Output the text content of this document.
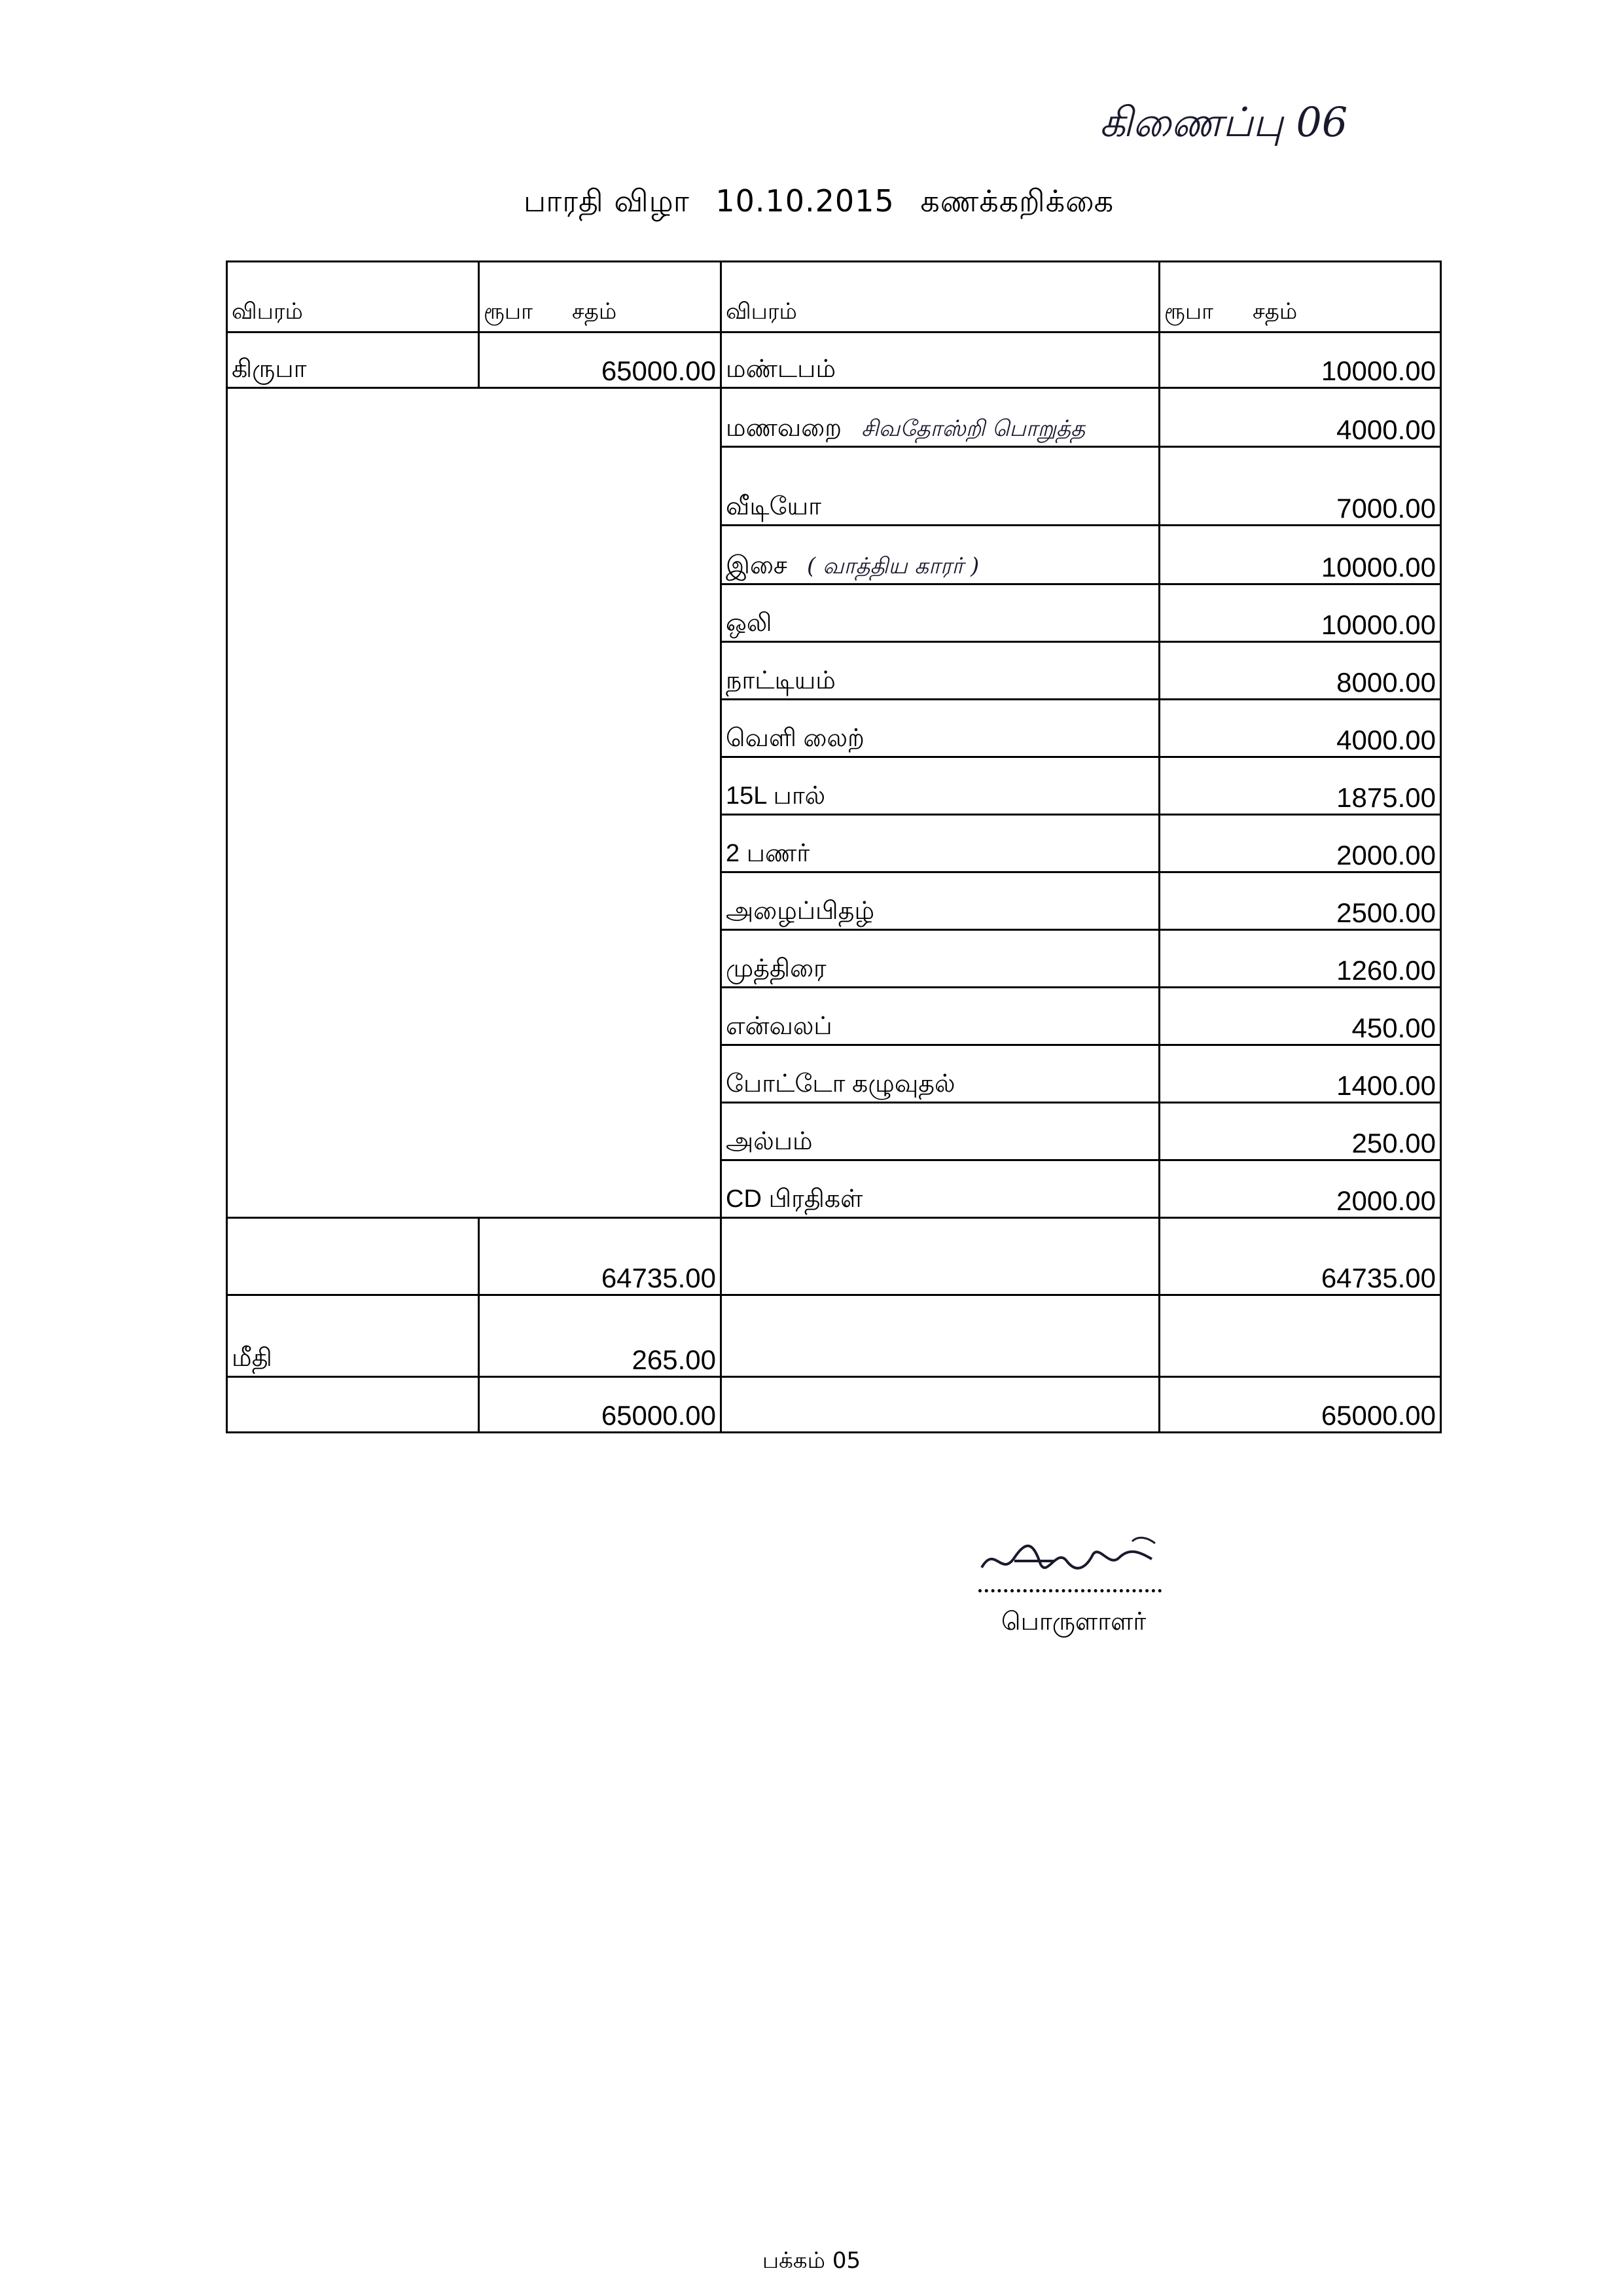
கிணைப்பு 06
பாரதி விழா 10.10.2015 கணக்கறிக்கை
விபரம்	ரூபா சதம்	விபரம்	ரூபா சதம்
கிருபா	65000.00	மண்டபம்	10000.00
		மணவறை சிவதோஸ்றி பொறுத்த	4000.00
		வீடியோ	7000.00
		இசை ( வாத்திய காரர் )	10000.00
		ஒலி	10000.00
		நாட்டியம்	8000.00
		வெளி லைற்	4000.00
		15L பால்	1875.00
		2 பணர்	2000.00
		அழைப்பிதழ்	2500.00
		முத்திரை	1260.00
		என்வலப்	450.00
		போட்டோ கழுவுதல்	1400.00
		அல்பம்	250.00
		CD பிரதிகள்	2000.00
	64735.00		64735.00
மீதி	265.00		
	65000.00		65000.00
பொருளாளர்
பக்கம் 05
